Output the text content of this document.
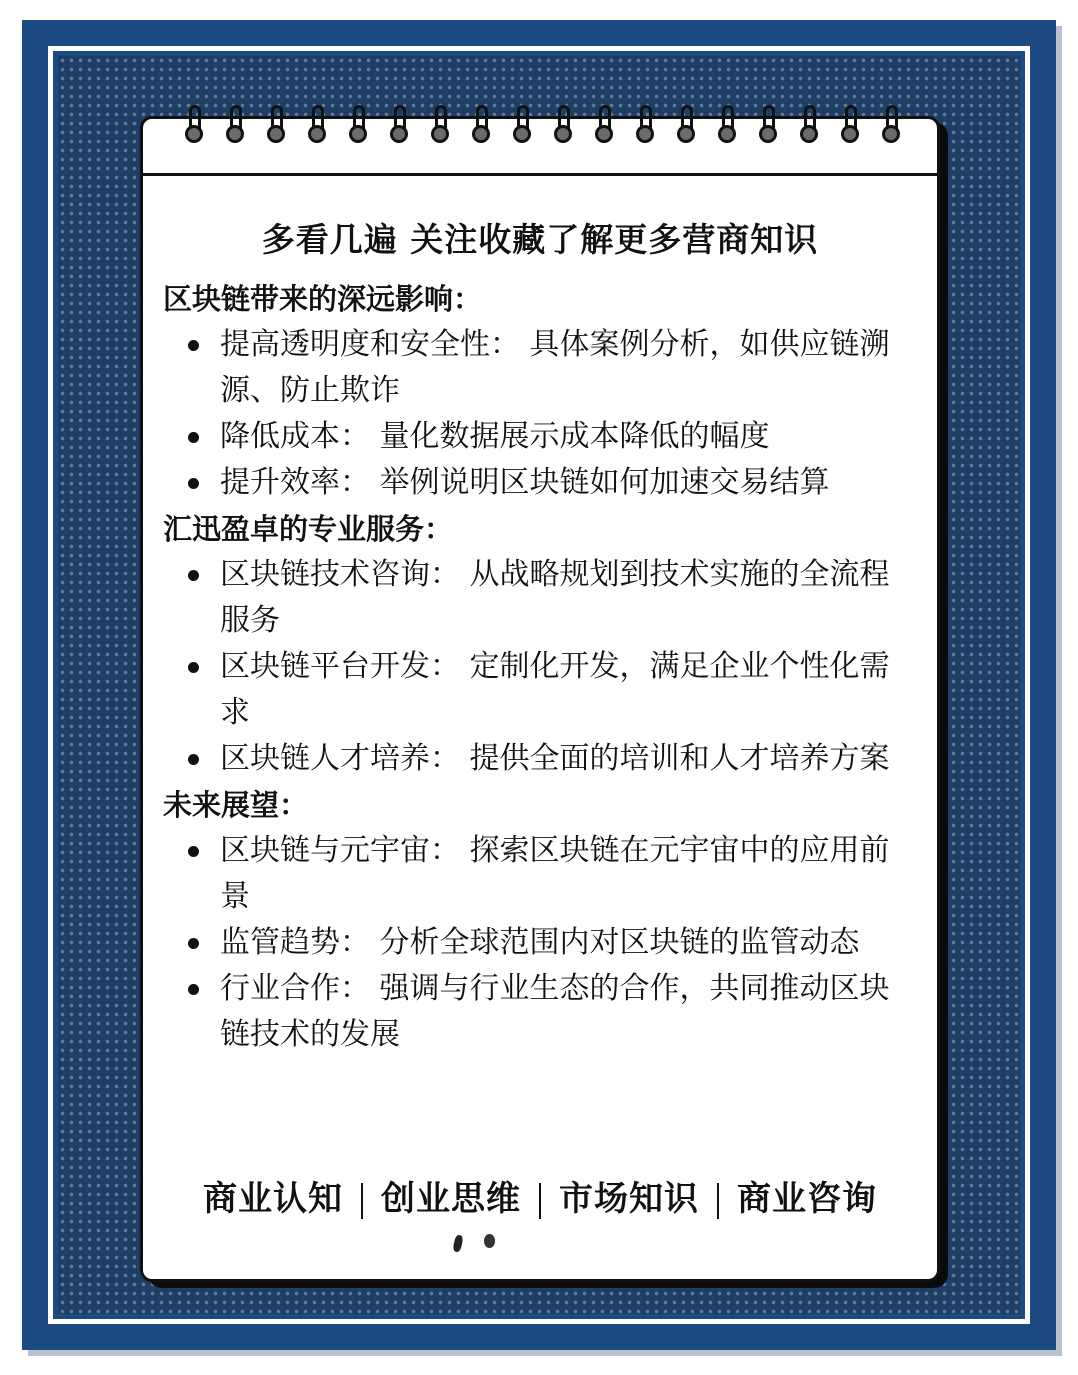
多看几遍 关注收藏了解更多营商知识

区块链带来的深远影响：

提高透明度和安全性： 具体案例分析，如供应链溯源、防止欺诈
降低成本： 量化数据展示成本降低的幅度
提升效率： 举例说明区块链如何加速交易结算

汇迅盈卓的专业服务：

区块链技术咨询： 从战略规划到技术实施的全流程服务
区块链平台开发： 定制化开发，满足企业个性化需求
区块链人才培养： 提供全面的培训和人才培养方案

未来展望：

区块链与元宇宙： 探索区块链在元宇宙中的应用前景
监管趋势： 分析全球范围内对区块链的监管动态
行业合作： 强调与行业生态的合作，共同推动区块链技术的发展
商业认知 创业思维 市场知识 商业咨询
